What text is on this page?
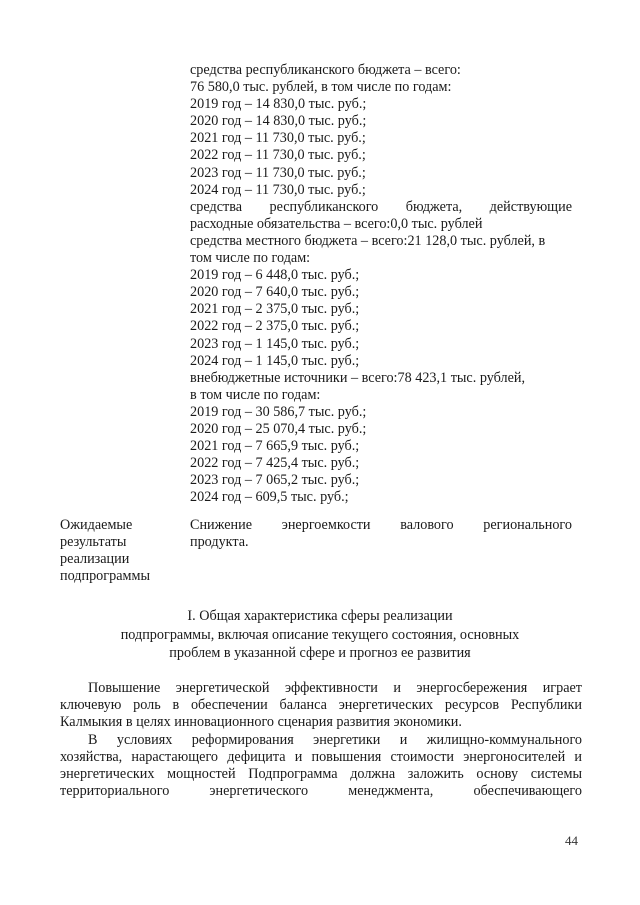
средства республиканского бюджета – всего:
76 580,0 тыс. рублей, в том числе по годам:
2019 год – 14 830,0 тыс. руб.;
2020 год – 14 830,0 тыс. руб.;
2021 год – 11 730,0 тыс. руб.;
2022 год – 11 730,0 тыс. руб.;
2023 год – 11 730,0 тыс. руб.;
2024 год – 11 730,0 тыс. руб.;
средства республиканского бюджета, действующие
расходные обязательства – всего:0,0 тыс. рублей
средства местного бюджета – всего:21 128,0 тыс. рублей, в
том числе по годам:
2019 год – 6 448,0 тыс. руб.;
2020 год – 7 640,0 тыс. руб.;
2021 год – 2 375,0 тыс. руб.;
2022 год – 2 375,0 тыс. руб.;
2023 год – 1 145,0 тыс. руб.;
2024 год – 1 145,0 тыс. руб.;
внебюджетные источники – всего:78 423,1 тыс. рублей,
в том числе по годам:
2019 год – 30 586,7 тыс. руб.;
2020 год – 25 070,4 тыс. руб.;
2021 год – 7 665,9 тыс. руб.;
2022 год – 7 425,4 тыс. руб.;
2023 год – 7 065,2 тыс. руб.;
2024 год – 609,5 тыс. руб.;
Ожидаемые
результаты
реализации
подпрограммы
Снижение энергоемкости валового регионального
продукта.
I. Общая характеристика сферы реализации
подпрограммы, включая описание текущего состояния, основных
проблем в указанной сфере и прогноз ее развития
Повышение энергетической эффективности и энергосбережения играет
ключевую роль в обеспечении баланса энергетических ресурсов Республики
Калмыкия в целях инновационного сценария развития экономики.
В условиях реформирования энергетики и жилищно-коммунального
хозяйства, нарастающего дефицита и повышения стоимости энергоносителей и
энергетических мощностей Подпрограмма должна заложить основу системы
территориального энергетического менеджмента, обеспечивающего
44
